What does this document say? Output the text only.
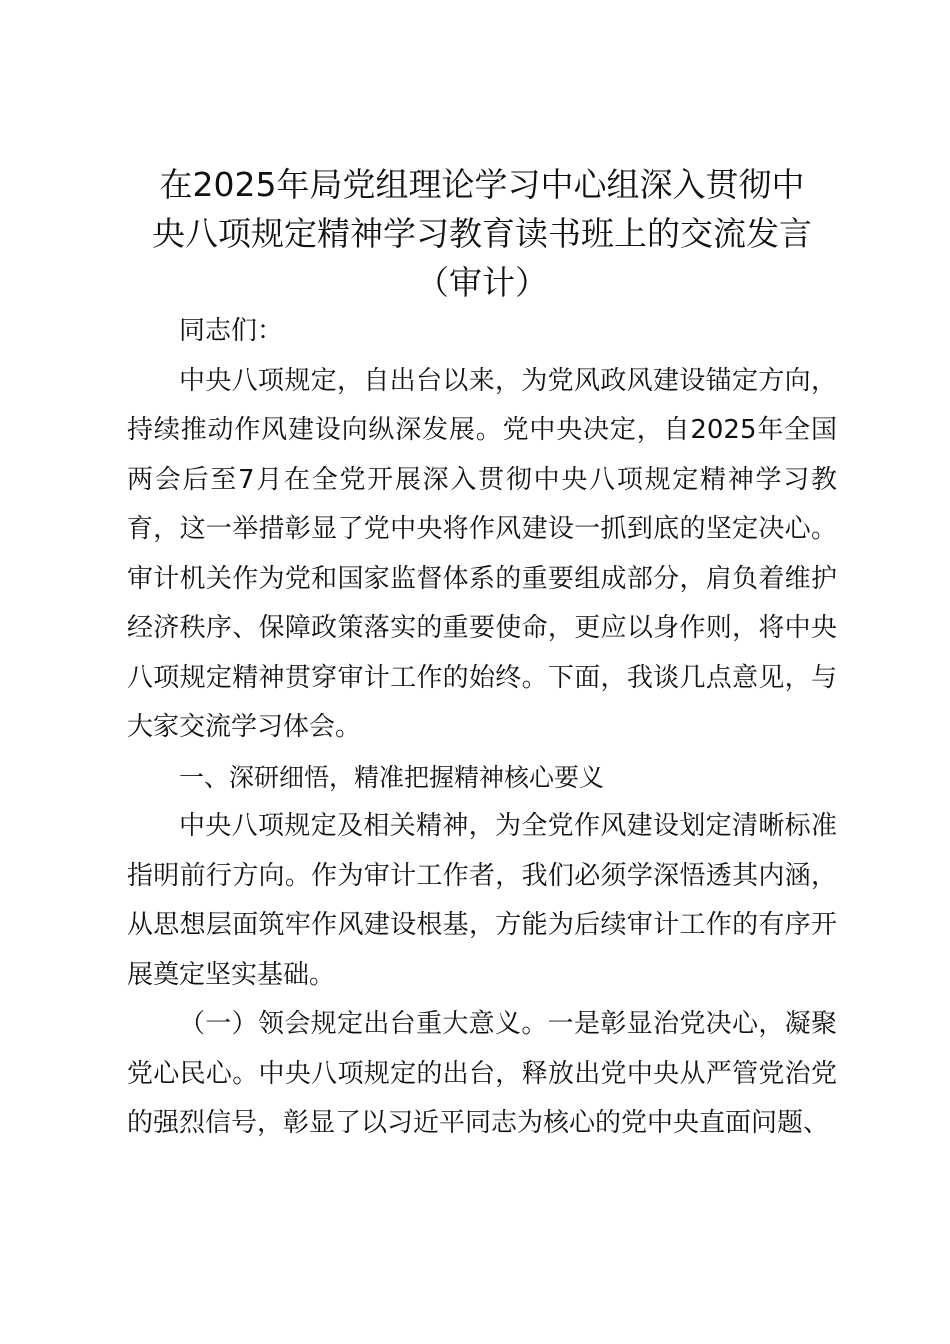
在2025年局党组理论学习中心组深入贯彻中
央八项规定精神学习教育读书班上的交流发言
（审计）

同志们：

中央八项规定，自出台以来，为党风政风建设锚定方向，持续推动作风建设向纵深发展。党中央决定，自2025年全国两会后至7月在全党开展深入贯彻中央八项规定精神学习教育，这一举措彰显了党中央将作风建设一抓到底的坚定决心。审计机关作为党和国家监督体系的重要组成部分，肩负着维护经济秩序、保障政策落实的重要使命，更应以身作则，将中央八项规定精神贯穿审计工作的始终。下面，我谈几点意见，与大家交流学习体会。

一、深研细悟，精准把握精神核心要义

中央八项规定及相关精神，为全党作风建设划定清晰标准指明前行方向。作为审计工作者，我们必须学深悟透其内涵，从思想层面筑牢作风建设根基，方能为后续审计工作的有序开展奠定坚实基础。

（一）领会规定出台重大意义。一是彰显治党决心，凝聚党心民心。中央八项规定的出台，释放出党中央从严管党治党的强烈信号，彰显了以习近平同志为核心的党中央直面问题、
